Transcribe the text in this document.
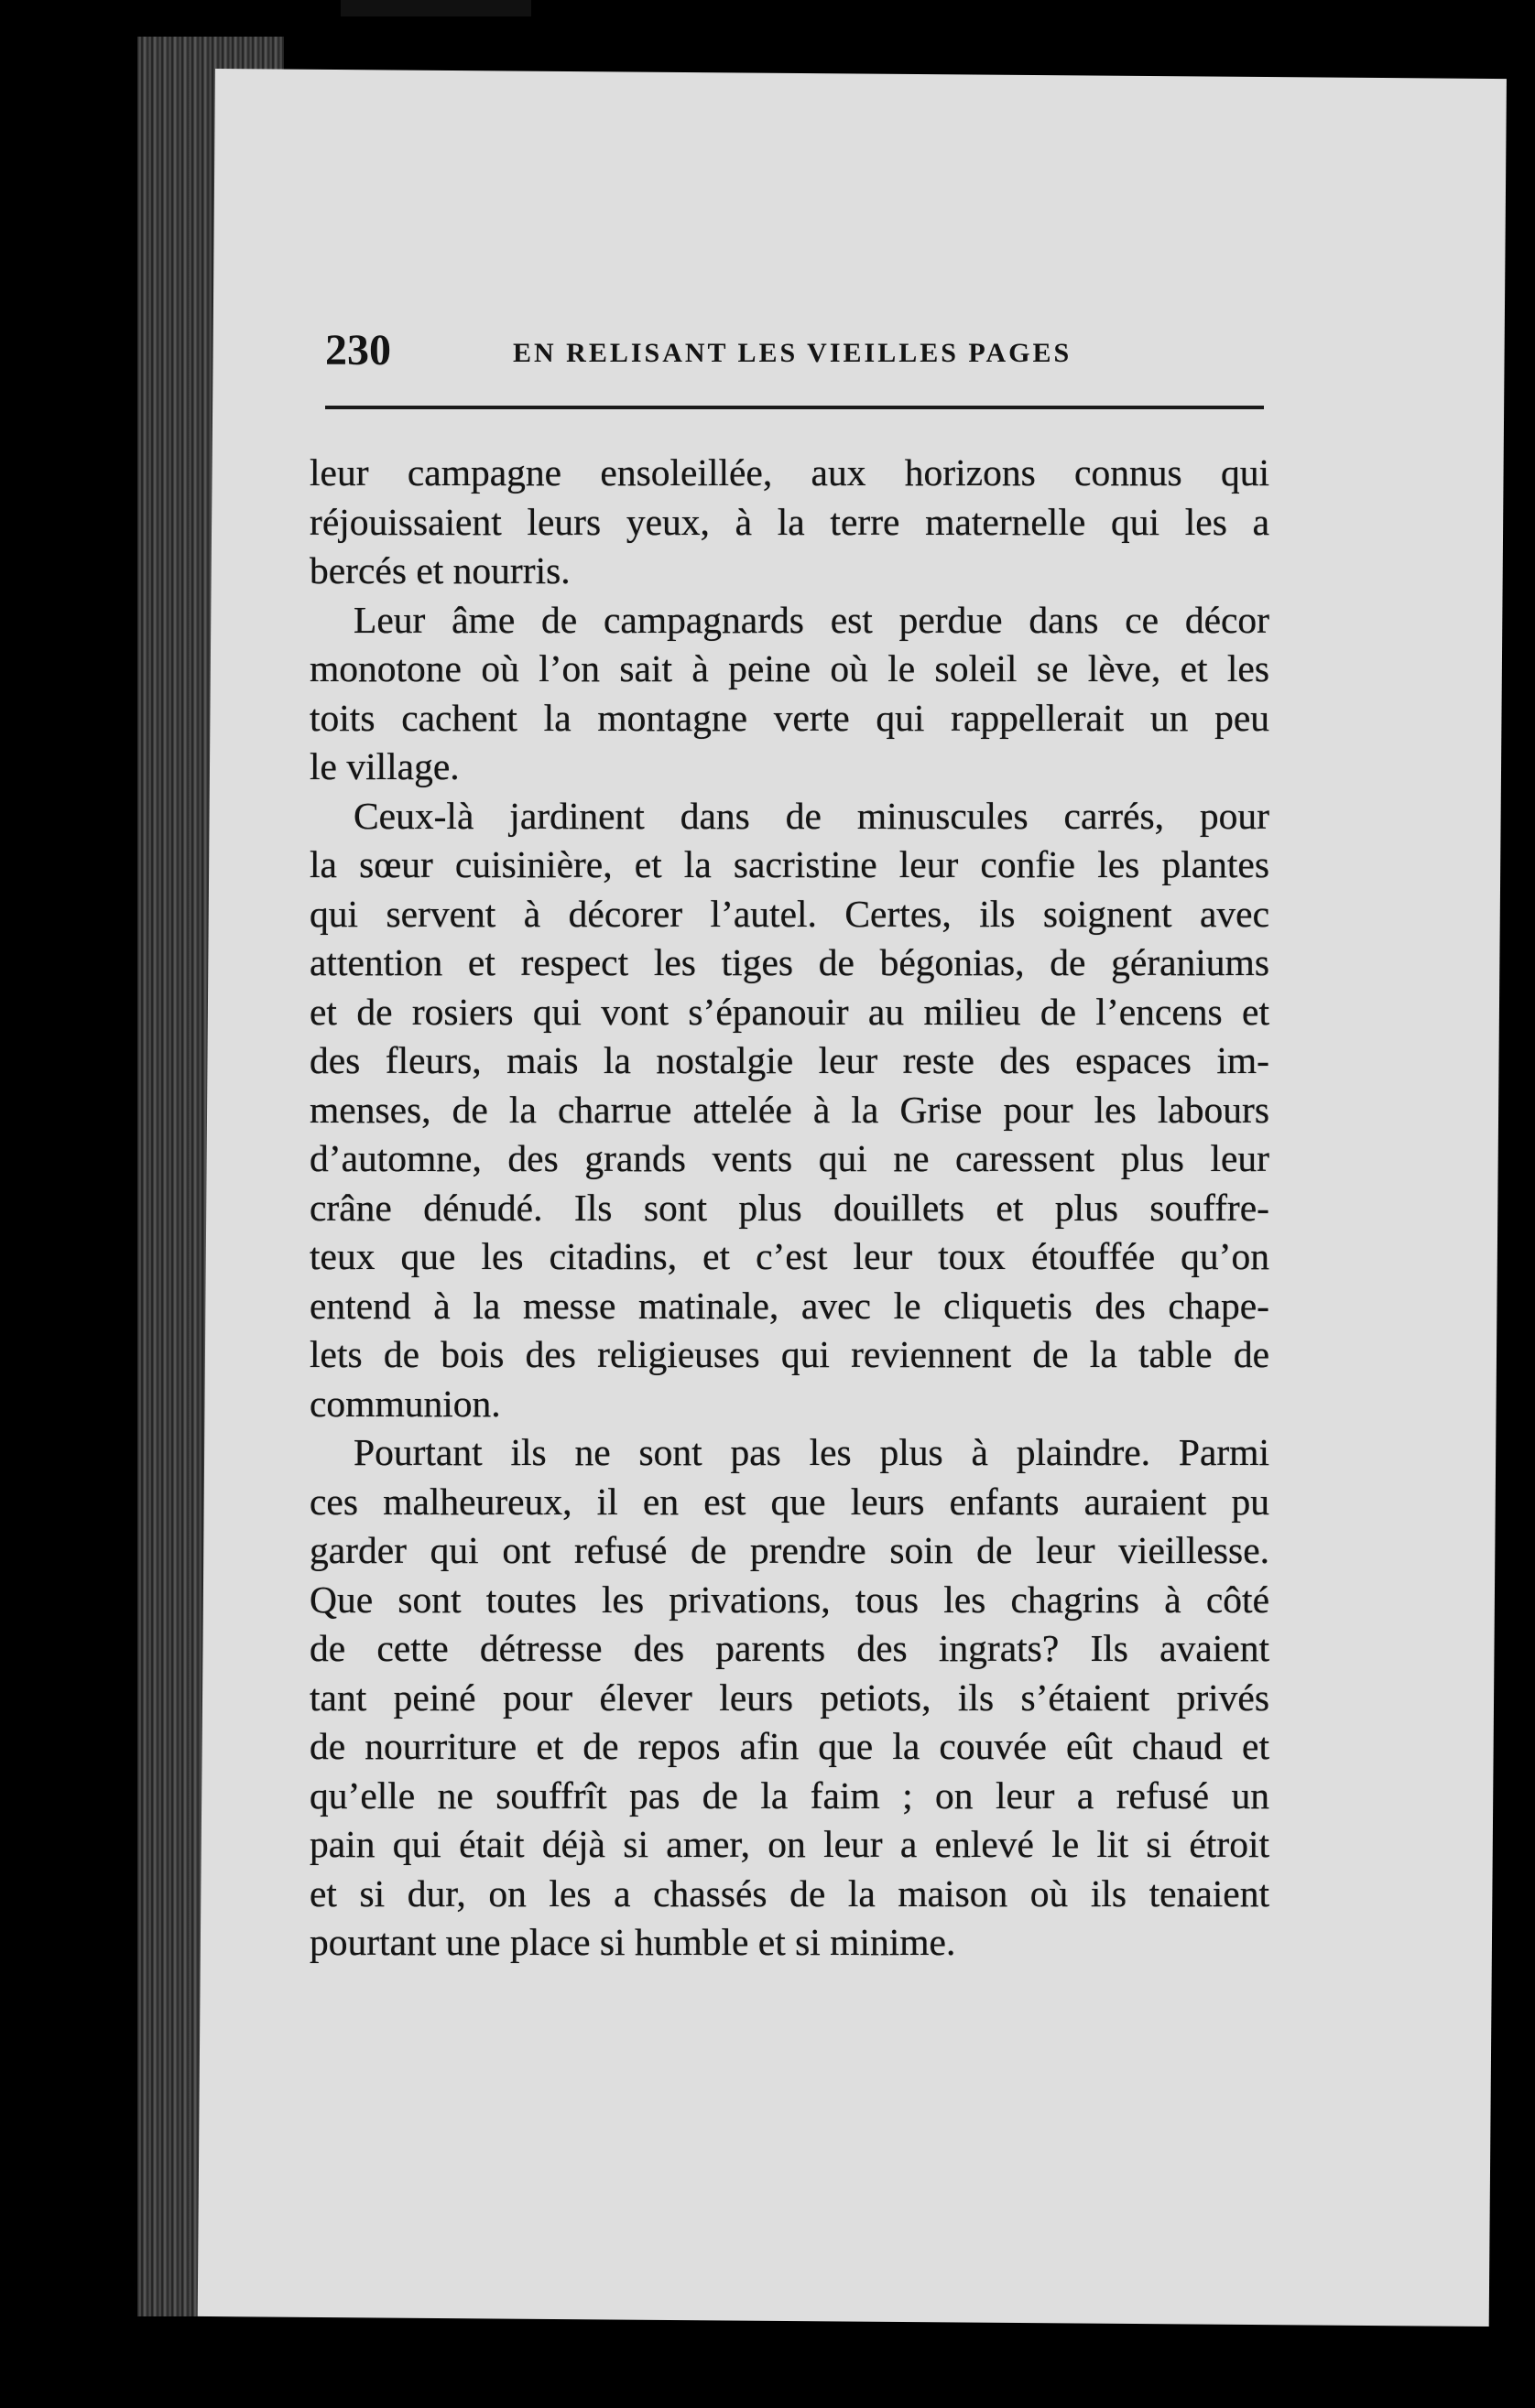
230	EN RELISANT LES VIEILLES PAGES
leur campagne ensoleillée, aux horizons connus qui
réjouissaient leurs yeux, à la terre maternelle qui les a
bercés et nourris.
Leur âme de campagnards est perdue dans ce décor
monotone où l’on sait à peine où le soleil se lève, et les
toits cachent la montagne verte qui rappellerait un peu
le village.
Ceux-là jardinent dans de minuscules carrés, pour
la sœur cuisinière, et la sacristine leur confie les plantes
qui servent à décorer l’autel. Certes, ils soignent avec
attention et respect les tiges de bégonias, de géraniums
et de rosiers qui vont s’épanouir au milieu de l’encens et
des fleurs, mais la nostalgie leur reste des espaces im-
menses, de la charrue attelée à la Grise pour les labours
d’automne, des grands vents qui ne caressent plus leur
crâne dénudé. Ils sont plus douillets et plus souffre-
teux que les citadins, et c’est leur toux étouffée qu’on
entend à la messe matinale, avec le cliquetis des chape-
lets de bois des religieuses qui reviennent de la table de
communion.
Pourtant ils ne sont pas les plus à plaindre. Parmi
ces malheureux, il en est que leurs enfants auraient pu
garder qui ont refusé de prendre soin de leur vieillesse.
Que sont toutes les privations, tous les chagrins à côté
de cette détresse des parents des ingrats? Ils avaient
tant peiné pour élever leurs petiots, ils s’étaient privés
de nourriture et de repos afin que la couvée eût chaud et
qu’elle ne souffrît pas de la faim ; on leur a refusé un
pain qui était déjà si amer, on leur a enlevé le lit si étroit
et si dur, on les a chassés de la maison où ils tenaient
pourtant une place si humble et si minime.
